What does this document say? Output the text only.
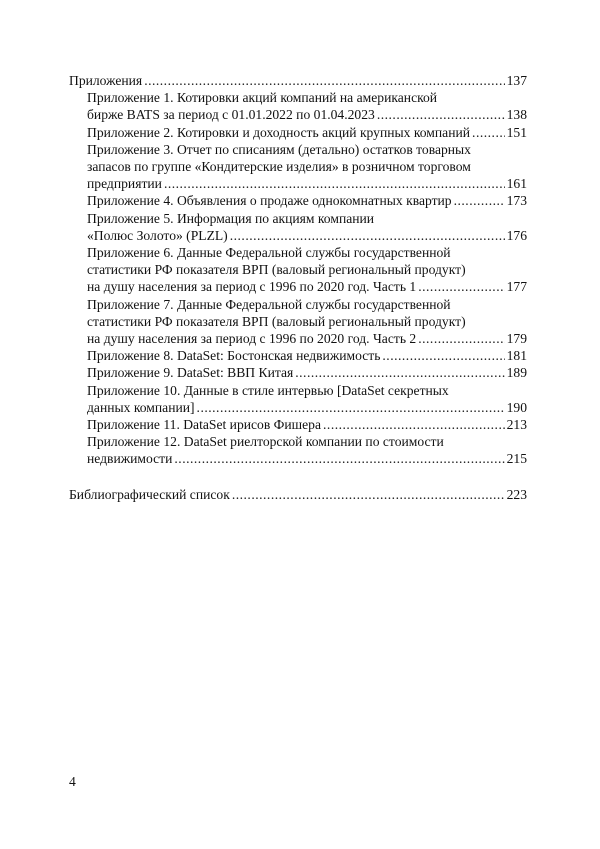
Приложения .....	137
Приложение 1. Котировки акций компаний на американской
бирже BATS за период с 01.01.2022 по 01.04.2023 .....	138
Приложение 2. Котировки и доходность акций крупных компаний .....	151
Приложение 3. Отчет по списаниям (детально) остатков товарных
запасов по группе «Кондитерские изделия» в розничном торговом
предприятии .....	161
Приложение 4. Объявления о продаже однокомнатных квартир .....	173
Приложение 5. Информация по акциям компании
«Полюс Золото» (PLZL) .....	176
Приложение 6. Данные Федеральной службы государственной
статистики РФ показателя ВРП (валовый региональный продукт)
на душу населения за период с 1996 по 2020 год. Часть 1 .....	177
Приложение 7. Данные Федеральной службы государственной
статистики РФ показателя ВРП (валовый региональный продукт)
на душу населения за период с 1996 по 2020 год. Часть 2 .....	179
Приложение 8. DataSet: Бостонская недвижимость .....	181
Приложение 9. DataSet: ВВП Китая .....	189
Приложение 10. Данные в стиле интервью [DataSet секретных
данных компании] .....	190
Приложение 11. DataSet ирисов Фишера .....	213
Приложение 12. DataSet риелторской компании по стоимости
недвижимости .....	215
Библиографический список .....	223
4
